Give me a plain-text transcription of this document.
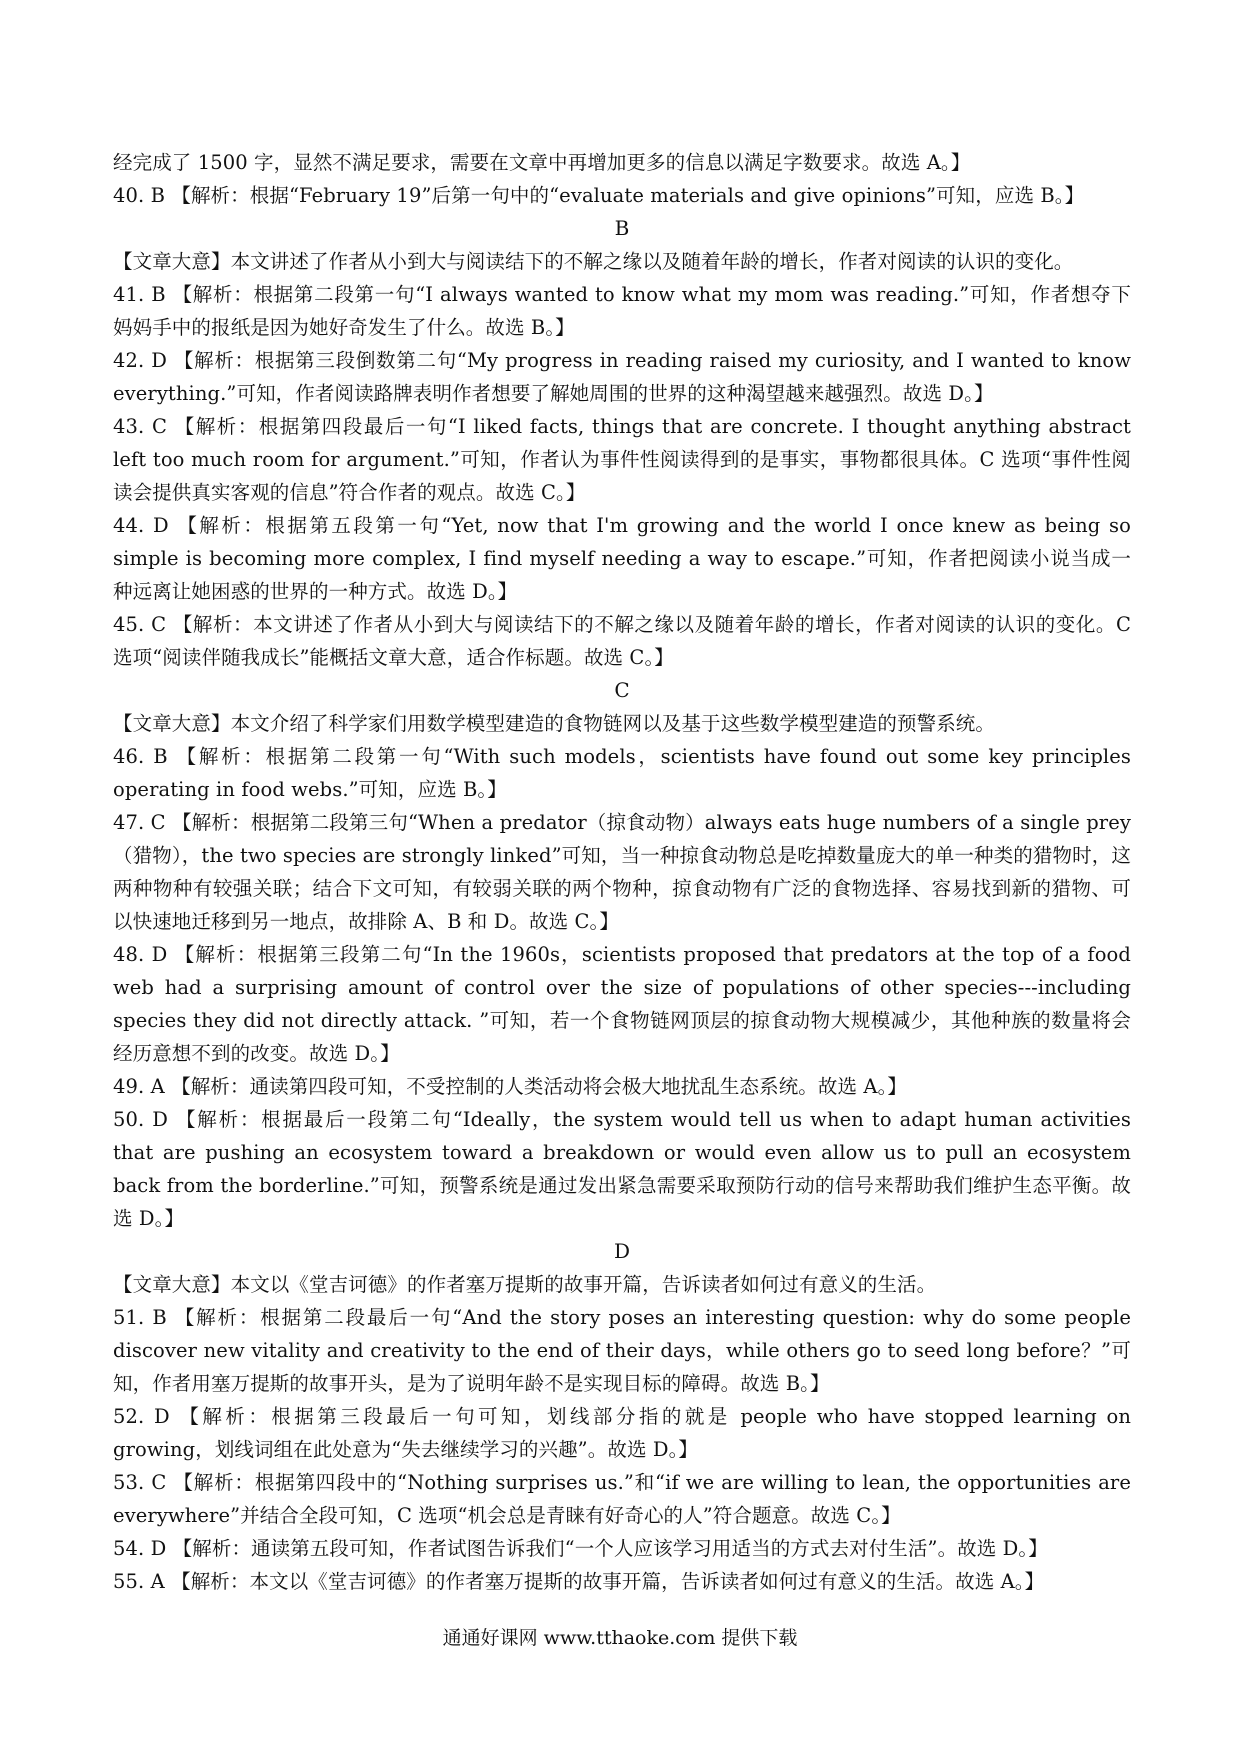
经完成了 1500 字，显然不满足要求，需要在文章中再增加更多的信息以满足字数要求。故选 A。】

40. B 【解析：根据“February 19”后第一句中的“evaluate materials and give opinions”可知，应选 B。】

B

【文章大意】本文讲述了作者从小到大与阅读结下的不解之缘以及随着年龄的增长，作者对阅读的认识的变化。

41. B 【解析：根据第二段第一句“I always wanted to know what my mom was reading.”可知，作者想夺下妈妈手中的报纸是因为她好奇发生了什么。故选 B。】

42. D 【解析：根据第三段倒数第二句“My progress in reading raised my curiosity, and I wanted to know everything.”可知，作者阅读路牌表明作者想要了解她周围的世界的这种渴望越来越强烈。故选 D。】

43. C 【解析：根据第四段最后一句“I liked facts, things that are concrete. I thought anything abstract left too much room for argument.”可知，作者认为事件性阅读得到的是事实，事物都很具体。C 选项“事件性阅读会提供真实客观的信息”符合作者的观点。故选 C。】

44. D 【解析：根据第五段第一句“Yet, now that I'm growing and the world I once knew as being so simple is becoming more complex, I find myself needing a way to escape.”可知，作者把阅读小说当成一种远离让她困惑的世界的一种方式。故选 D。】

45. C 【解析：本文讲述了作者从小到大与阅读结下的不解之缘以及随着年龄的增长，作者对阅读的认识的变化。C 选项“阅读伴随我成长”能概括文章大意，适合作标题。故选 C。】

C

【文章大意】本文介绍了科学家们用数学模型建造的食物链网以及基于这些数学模型建造的预警系统。

46. B 【解析：根据第二段第一句“With such models，scientists have found out some key principles operating in food webs.”可知，应选 B。】

47. C 【解析：根据第二段第三句“When a predator（掠食动物）always eats huge numbers of a single prey（猎物），the two species are strongly linked”可知，当一种掠食动物总是吃掉数量庞大的单一种类的猎物时，这两种物种有较强关联；结合下文可知，有较弱关联的两个物种，掠食动物有广泛的食物选择、容易找到新的猎物、可以快速地迁移到另一地点，故排除 A、B 和 D。故选 C。】

48. D 【解析：根据第三段第二句“In the 1960s，scientists proposed that predators at the top of a food web had a surprising amount of control over the size of populations of other species---including species they did not directly attack. ”可知，若一个食物链网顶层的掠食动物大规模减少，其他种族的数量将会经历意想不到的改变。故选 D。】

49. A 【解析：通读第四段可知，不受控制的人类活动将会极大地扰乱生态系统。故选 A。】

50. D 【解析：根据最后一段第二句“Ideally，the system would tell us when to adapt human activities that are pushing an ecosystem toward a breakdown or would even allow us to pull an ecosystem back from the borderline.”可知，预警系统是通过发出紧急需要采取预防行动的信号来帮助我们维护生态平衡。故选 D。】

D

【文章大意】本文以《堂吉诃德》的作者塞万提斯的故事开篇，告诉读者如何过有意义的生活。

51. B 【解析：根据第二段最后一句“And the story poses an interesting question: why do some people discover new vitality and creativity to the end of their days，while others go to seed long before？”可知，作者用塞万提斯的故事开头，是为了说明年龄不是实现目标的障碍。故选 B。】

52. D 【解析：根据第三段最后一句可知，划线部分指的就是 people who have stopped learning on growing，划线词组在此处意为“失去继续学习的兴趣”。故选 D。】

53. C 【解析：根据第四段中的“Nothing surprises us.”和“if we are willing to lean, the opportunities are everywhere”并结合全段可知，C 选项“机会总是青睐有好奇心的人”符合题意。故选 C。】

54. D 【解析：通读第五段可知，作者试图告诉我们“一个人应该学习用适当的方式去对付生活”。故选 D。】

55. A 【解析：本文以《堂吉诃德》的作者塞万提斯的故事开篇，告诉读者如何过有意义的生活。故选 A。】

通通好课网 www.tthaoke.com 提供下载
